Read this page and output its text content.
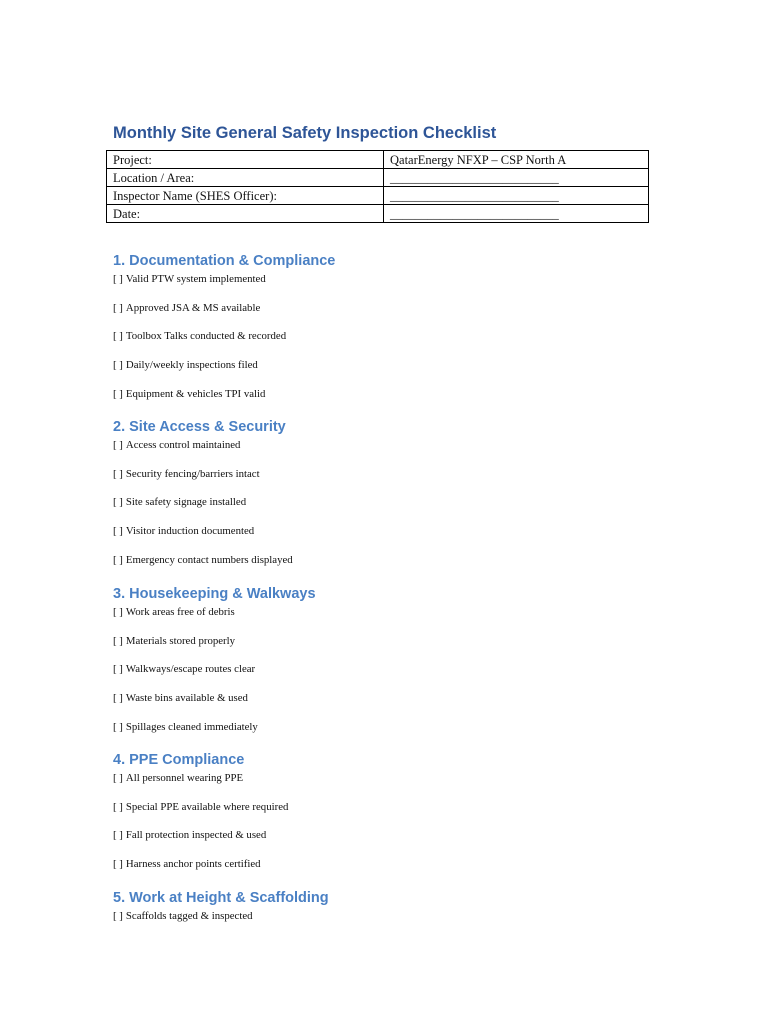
Monthly Site General Safety Inspection Checklist
Project:	QatarEnergy NFXP – CSP North A
Location / Area:	___________________________
Inspector Name (SHES Officer):	___________________________
Date:	___________________________
1. Documentation & Compliance
[ ] Valid PTW system implemented
[ ] Approved JSA & MS available
[ ] Toolbox Talks conducted & recorded
[ ] Daily/weekly inspections filed
[ ] Equipment & vehicles TPI valid
2. Site Access & Security
[ ] Access control maintained
[ ] Security fencing/barriers intact
[ ] Site safety signage installed
[ ] Visitor induction documented
[ ] Emergency contact numbers displayed
3. Housekeeping & Walkways
[ ] Work areas free of debris
[ ] Materials stored properly
[ ] Walkways/escape routes clear
[ ] Waste bins available & used
[ ] Spillages cleaned immediately
4. PPE Compliance
[ ] All personnel wearing PPE
[ ] Special PPE available where required
[ ] Fall protection inspected & used
[ ] Harness anchor points certified
5. Work at Height & Scaffolding
[ ] Scaffolds tagged & inspected
